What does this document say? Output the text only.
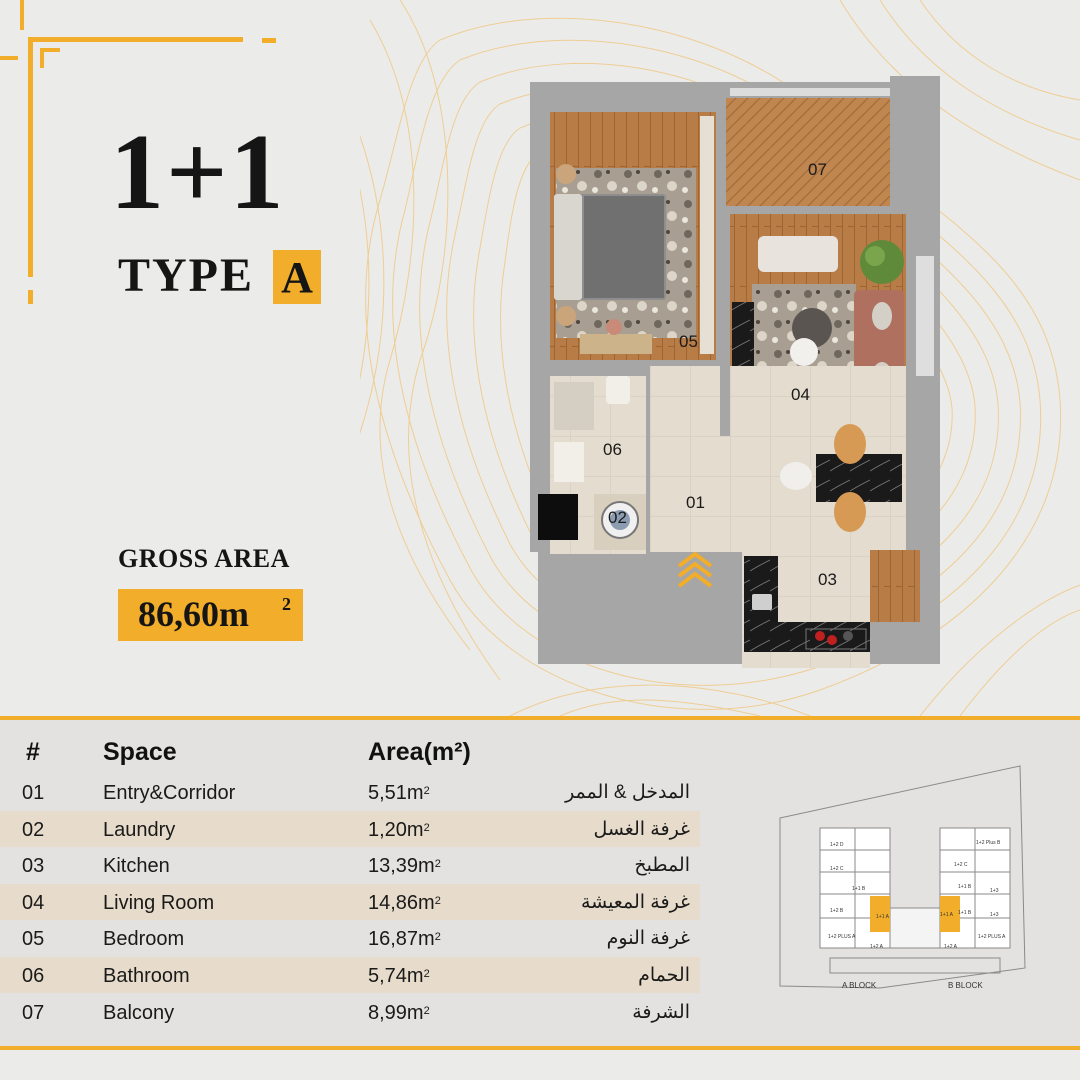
1+1
TYPE A
GROSS AREA
86,60m 2
07
05
04
06
01
02
03
#	Space	Area(m²)
01	Entry&Corridor	$5,51m^2$	المدخل & الممر
02	Laundry	$1,20m^2$	غرفة الغسل
03	Kitchen	$13,39m^2$	المطبخ
04	Living Room	$14,86m^2$	غرفة المعيشة
05	Bedroom	$16,87m^2$	غرفة النوم
06	Bathroom	$5,74m^2$	الحمام
07	Balcony	$8,99m^2$	الشرفة
A BLOCK	B BLOCK
1+2 D
1+2 C
1+1 B
1+2 B
1+1 A
1+2 PLUS A
1+2 A
1+2 Plus B
1+2 C
1+1 B
1+3
1+1 A 1+1 B	1+3
1+2 A
1+2 PLUS A
